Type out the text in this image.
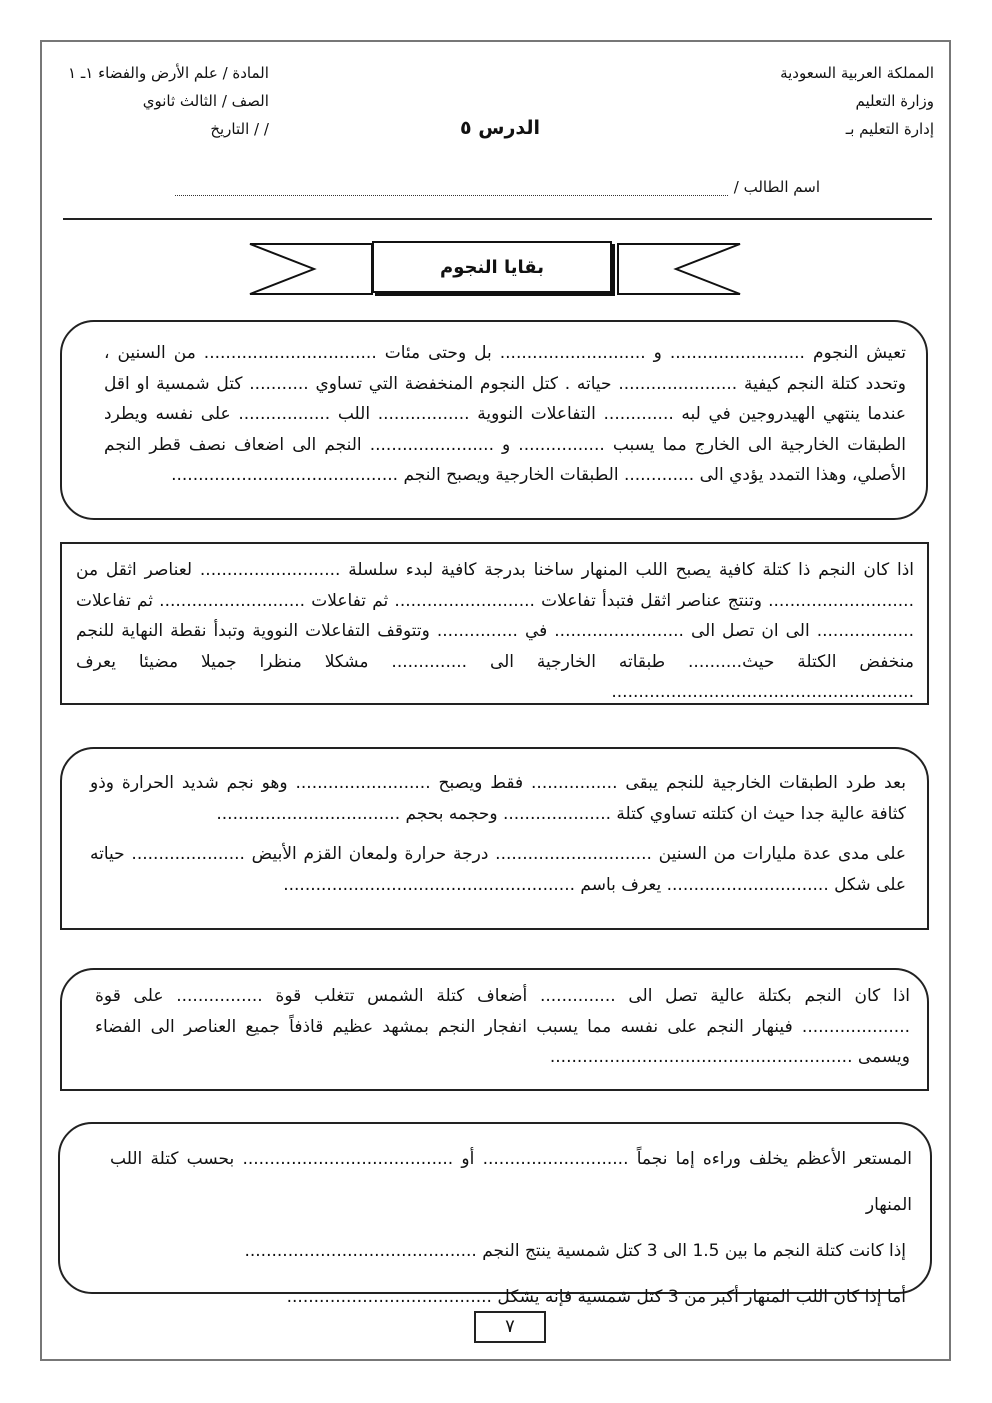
المملكة العربية السعودية
وزارة التعليم
إدارة التعليم بـ
المادة / علم الأرض والفضاء ١ـ ١
الصف / الثالث ثانوي
التاريخ / /	الدرس ٥
اسم الطالب /
بقايا النجوم

تعيش النجوم ......................... و ........................... بل وحتى مئات ................................ من السنين ، وتحدد كتلة النجم كيفية ...................... حياته . كتل النجوم المنخفضة التي تساوي ........... كتل شمسية او اقل عندما ينتهي الهيدروجين في لبه ............. التفاعلات النووية ................. اللب ................. على نفسه ويطرد الطبقات الخارجية الى الخارج مما يسبب ................ و ....................... النجم الى اضعاف نصف قطر النجم الأصلي، وهذا التمدد يؤدي الى ............. الطبقات الخارجية ويصبح النجم ..........................................

اذا كان النجم ذا كتلة كافية يصبح اللب المنهار ساخنا بدرجة كافية لبدء سلسلة .......................... لعناصر اثقل من ........................... وتنتج عناصر اثقل فتبدأ تفاعلات .......................... ثم تفاعلات ........................... ثم تفاعلات .................. الى ان تصل الى ........................ في ............... وتتوقف التفاعلات النووية وتبدأ نقطة النهاية للنجم منخفض الكتلة حيث.......... طبقاته الخارجية الى .............. مشكلا منظرا جميلا مضيئا يعرف ........................................................

بعد طرد الطبقات الخارجية للنجم يبقى ................ فقط ويصبح ......................... وهو نجم شديد الحرارة وذو كثافة عالية جدا حيث ان كتلته تساوي كتلة .................... وحجمه بحجم ..................................

على مدى عدة مليارات من السنين ............................. درجة حرارة ولمعان القزم الأبيض ..................... حياته على شكل .............................. يعرف باسم ......................................................

اذا كان النجم بكتلة عالية تصل الى .............. أضعاف كتلة الشمس تتغلب قوة ................ على قوة .................... فينهار النجم على نفسه مما يسبب انفجار النجم بمشهد عظيم قاذفاً جميع العناصر الى الفضاء ويسمى ........................................................

المستعر الأعظم يخلف وراءه إما نجماً ........................... أو ....................................... بحسب كتلة اللب المنهار

إذا كانت كتلة النجم ما بين 1.5 الى 3 كتل شمسية ينتج النجم ...........................................

أما إذا كان اللب المنهار أكبر من 3 كتل شمسية فإنه يشكل ......................................

٧
